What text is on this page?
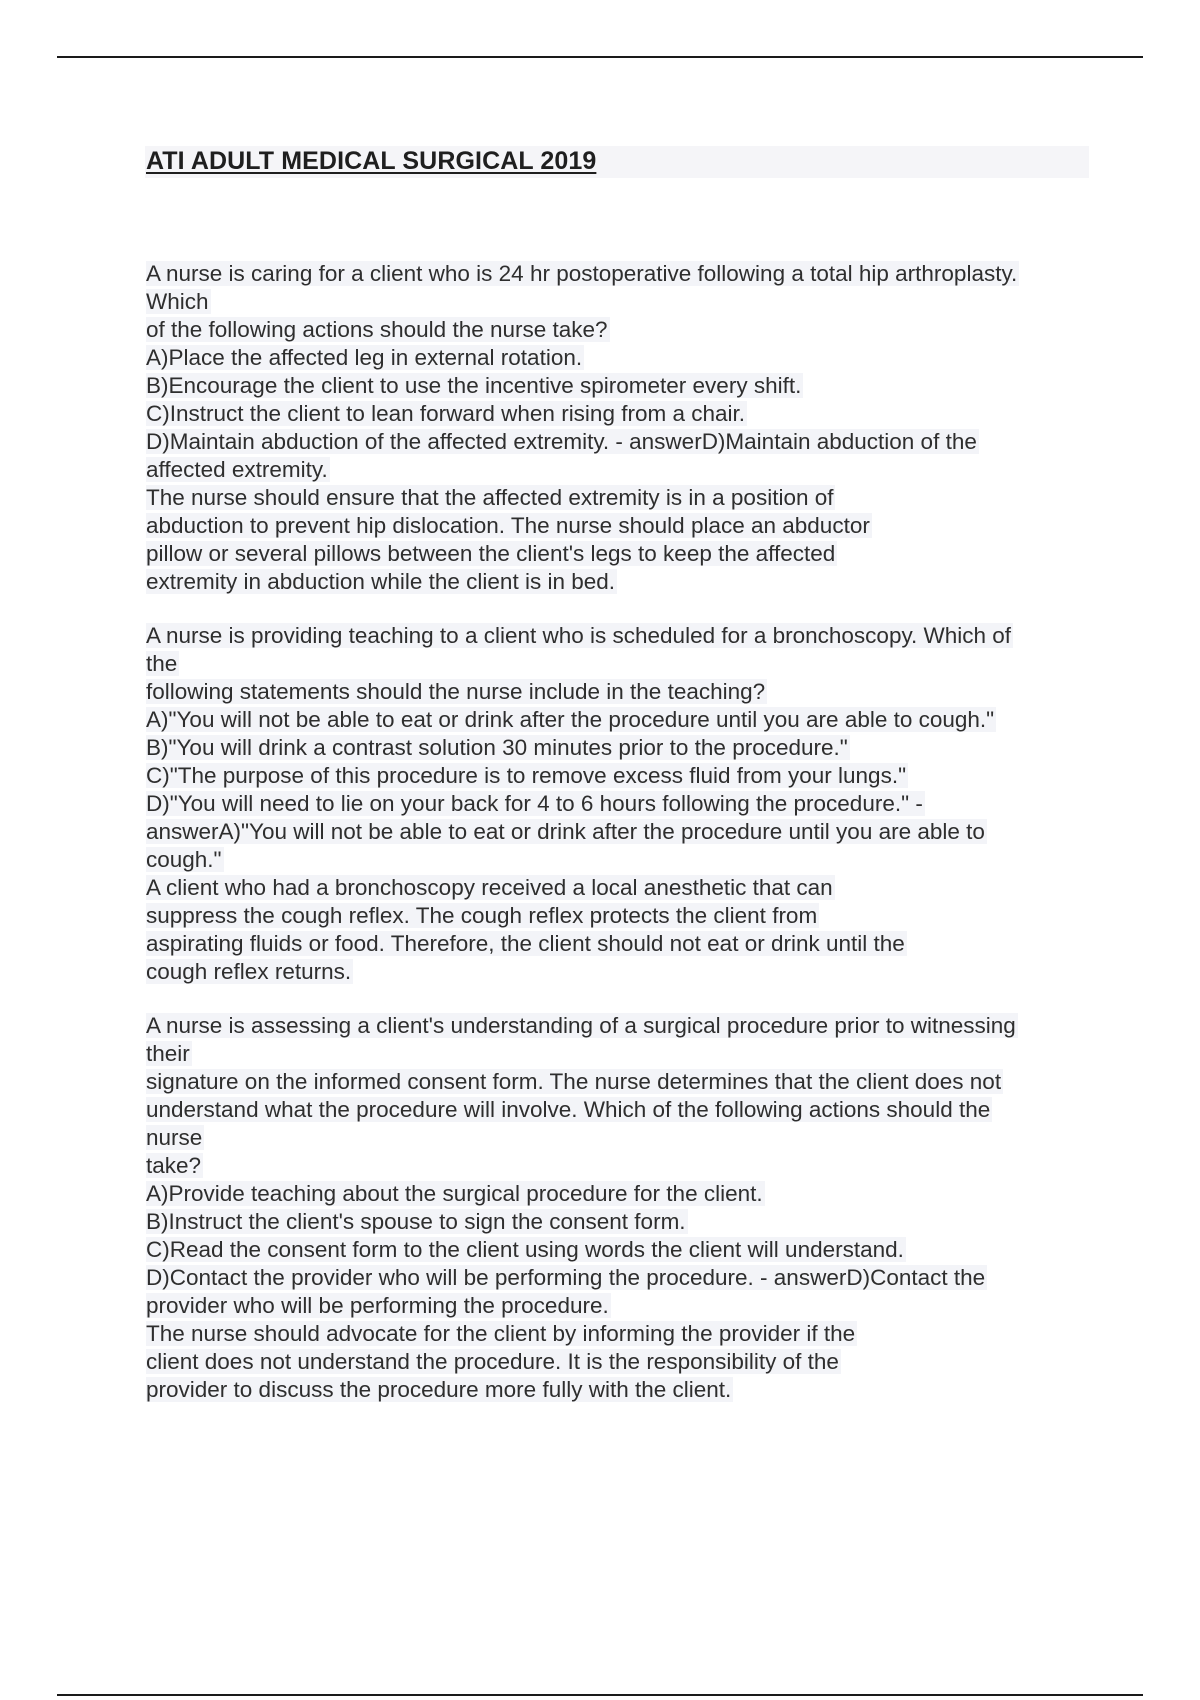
ATI ADULT MEDICAL SURGICAL 2019
A nurse is caring for a client who is 24 hr postoperative following a total hip arthroplasty.
Which
of the following actions should the nurse take?
A)Place the affected leg in external rotation.
B)Encourage the client to use the incentive spirometer every shift.
C)Instruct the client to lean forward when rising from a chair.
D)Maintain abduction of the affected extremity. - answerD)Maintain abduction of the
affected extremity.
The nurse should ensure that the affected extremity is in a position of
abduction to prevent hip dislocation. The nurse should place an abductor
pillow or several pillows between the client's legs to keep the affected
extremity in abduction while the client is in bed.
A nurse is providing teaching to a client who is scheduled for a bronchoscopy. Which of
the
following statements should the nurse include in the teaching?
A)"You will not be able to eat or drink after the procedure until you are able to cough."
B)"You will drink a contrast solution 30 minutes prior to the procedure."
C)"The purpose of this procedure is to remove excess fluid from your lungs."
D)"You will need to lie on your back for 4 to 6 hours following the procedure." -
answerA)"You will not be able to eat or drink after the procedure until you are able to
cough."
A client who had a bronchoscopy received a local anesthetic that can
suppress the cough reflex. The cough reflex protects the client from
aspirating fluids or food. Therefore, the client should not eat or drink until the
cough reflex returns.
A nurse is assessing a client's understanding of a surgical procedure prior to witnessing
their
signature on the informed consent form. The nurse determines that the client does not
understand what the procedure will involve. Which of the following actions should the
nurse
take?
A)Provide teaching about the surgical procedure for the client.
B)Instruct the client's spouse to sign the consent form.
C)Read the consent form to the client using words the client will understand.
D)Contact the provider who will be performing the procedure. - answerD)Contact the
provider who will be performing the procedure.
The nurse should advocate for the client by informing the provider if the
client does not understand the procedure. It is the responsibility of the
provider to discuss the procedure more fully with the client.
